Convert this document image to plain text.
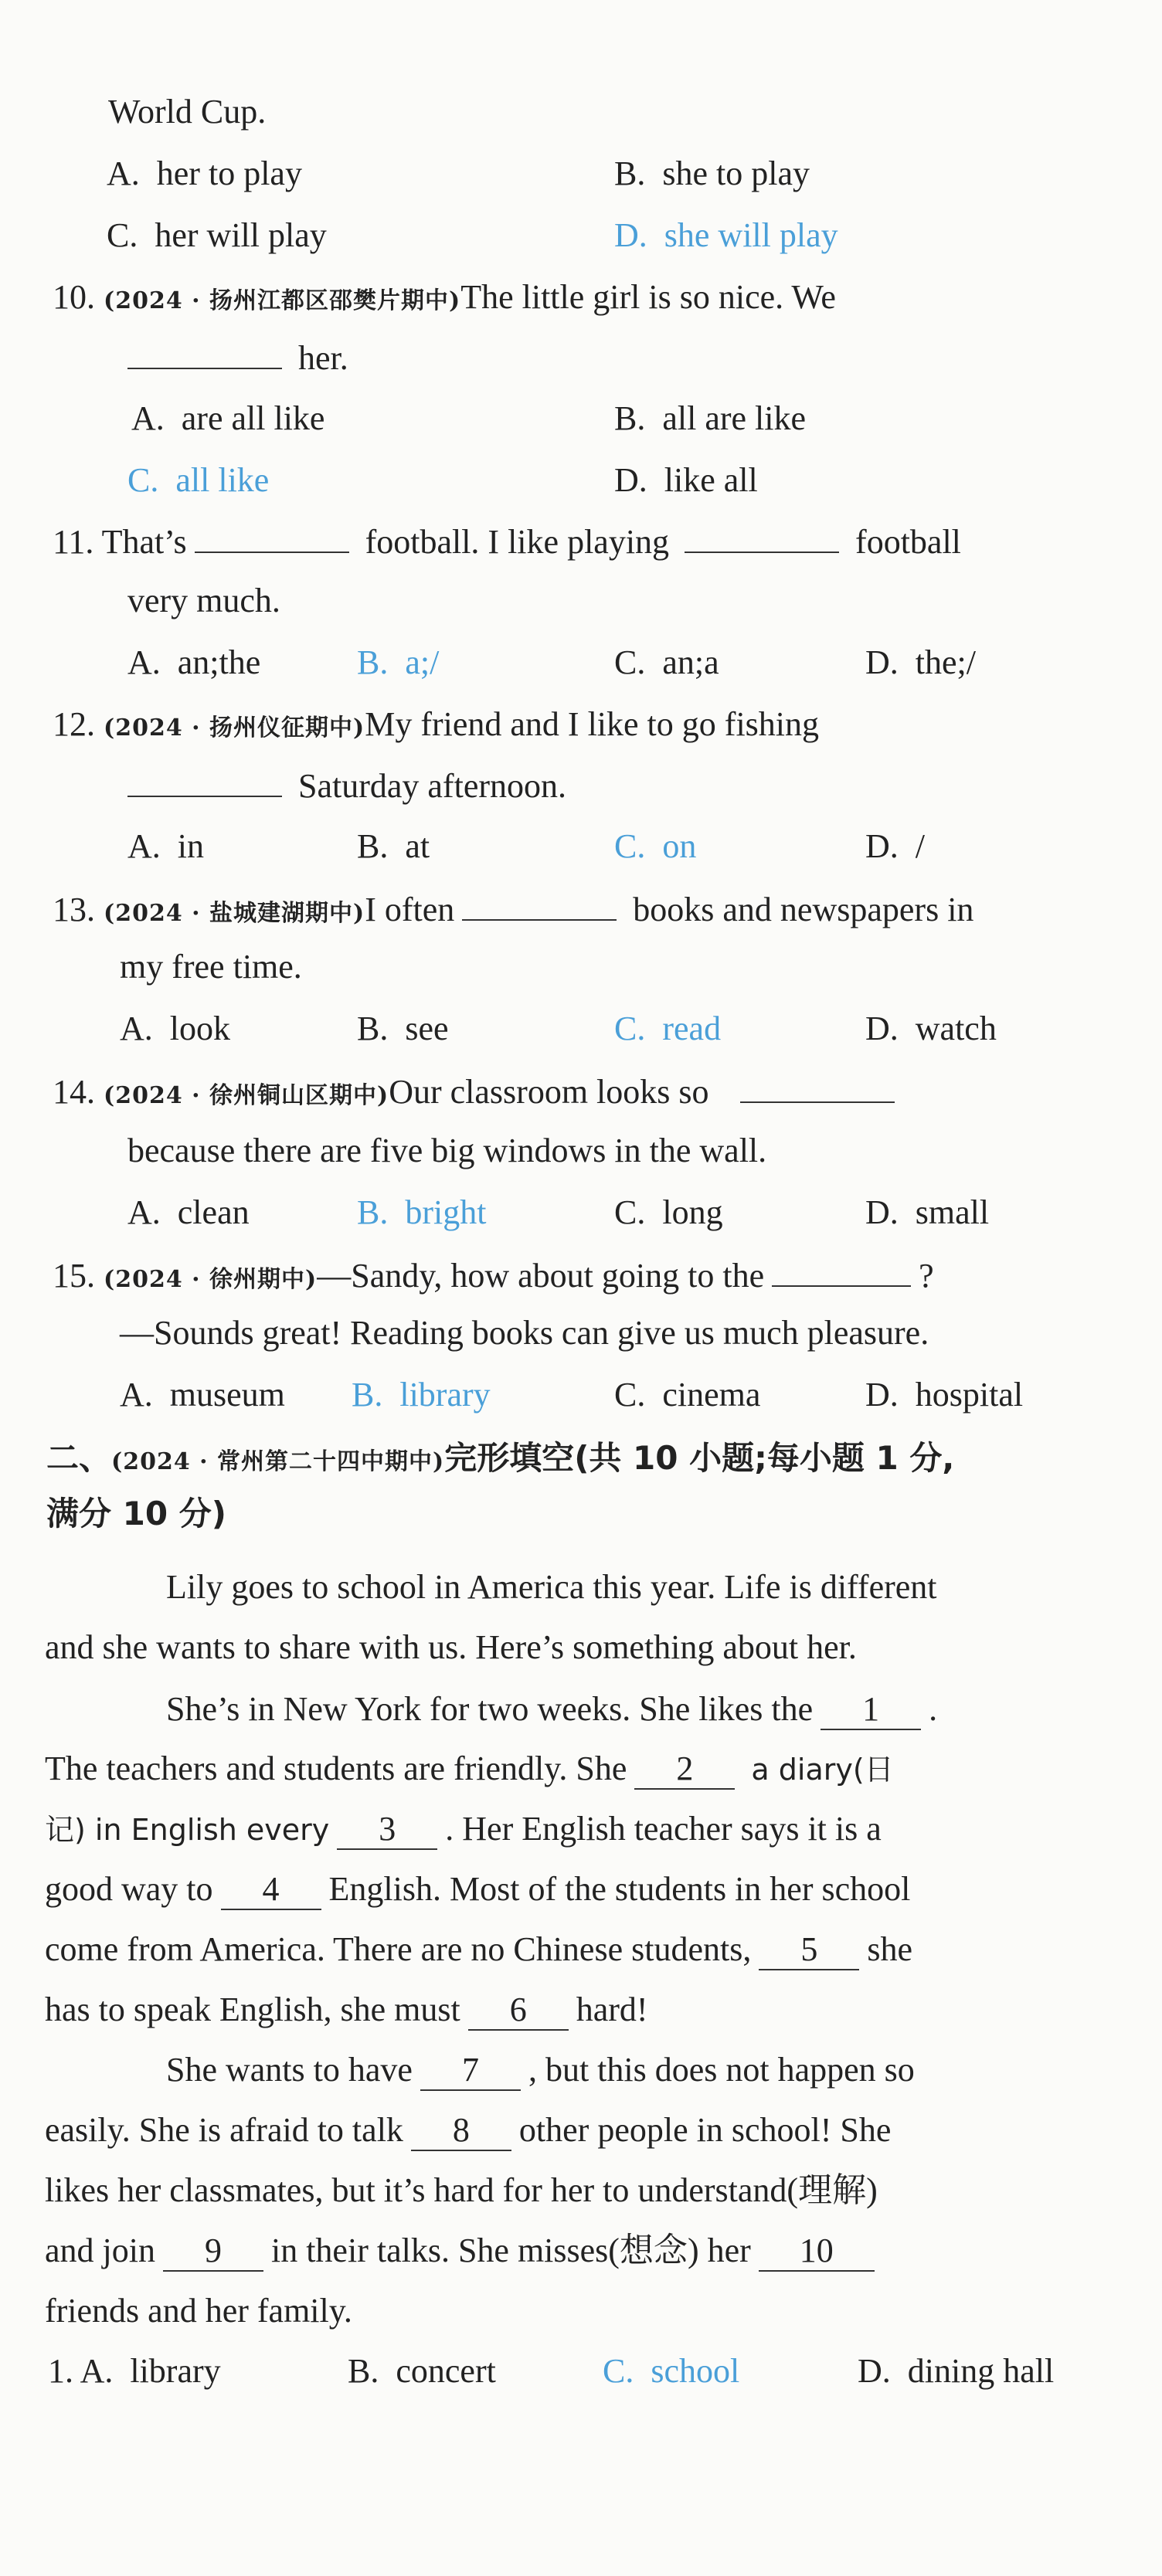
World Cup.
A.  her to play	B.  she to play
C.  her will play	D.  she will play
10. (2024 · 扬州江都区邵樊片期中)The little girl is so nice. We
her.
A.  are all like	B.  all are like
C.  all like	D.  like all
11. That’s	football. I like playing	football
very much.
A.  an;the	B.  a;/	C.  an;a	D.  the;/
12. (2024 · 扬州仪征期中)My friend and I like to go fishing
Saturday afternoon.
A.  in	B.  at	C.  on	D.  /
13. (2024 · 盐城建湖期中)I often	books and newspapers in
my free time.
A.  look	B.  see	C.  read	D.  watch
14. (2024 · 徐州铜山区期中)Our classroom looks so
because there are five big windows in the wall.
A.  clean	B.  bright	C.  long	D.  small
15. (2024 · 徐州期中)—Sandy, how about going to the	?
—Sounds great! Reading books can give us much pleasure.
A.  museum B.  library	C.  cinema	D.  hospital
二、(2024 · 常州第二十四中期中)完形填空(共 10 小题;每小题 1 分,
满分 10 分)
Lily goes to school in America this year. Life is different
and she wants to share with us. Here’s something about her.
She’s in New York for two weeks. She likes the 1 .
The teachers and students are friendly. She 2 a diary(日
记) in English every 3 . Her English teacher says it is a
good way to 4 English. Most of the students in her school
come from America. There are no Chinese students, 5 she
has to speak English, she must 6 hard!
She wants to have 7 , but this does not happen so
easily. She is afraid to talk 8 other people in school! She
likes her classmates, but it’s hard for her to understand(理解)
and join 9 in their talks. She misses(想念) her 10
friends and her family.
1. A.  library	B.  concert	C.  school	D.  dining hall
